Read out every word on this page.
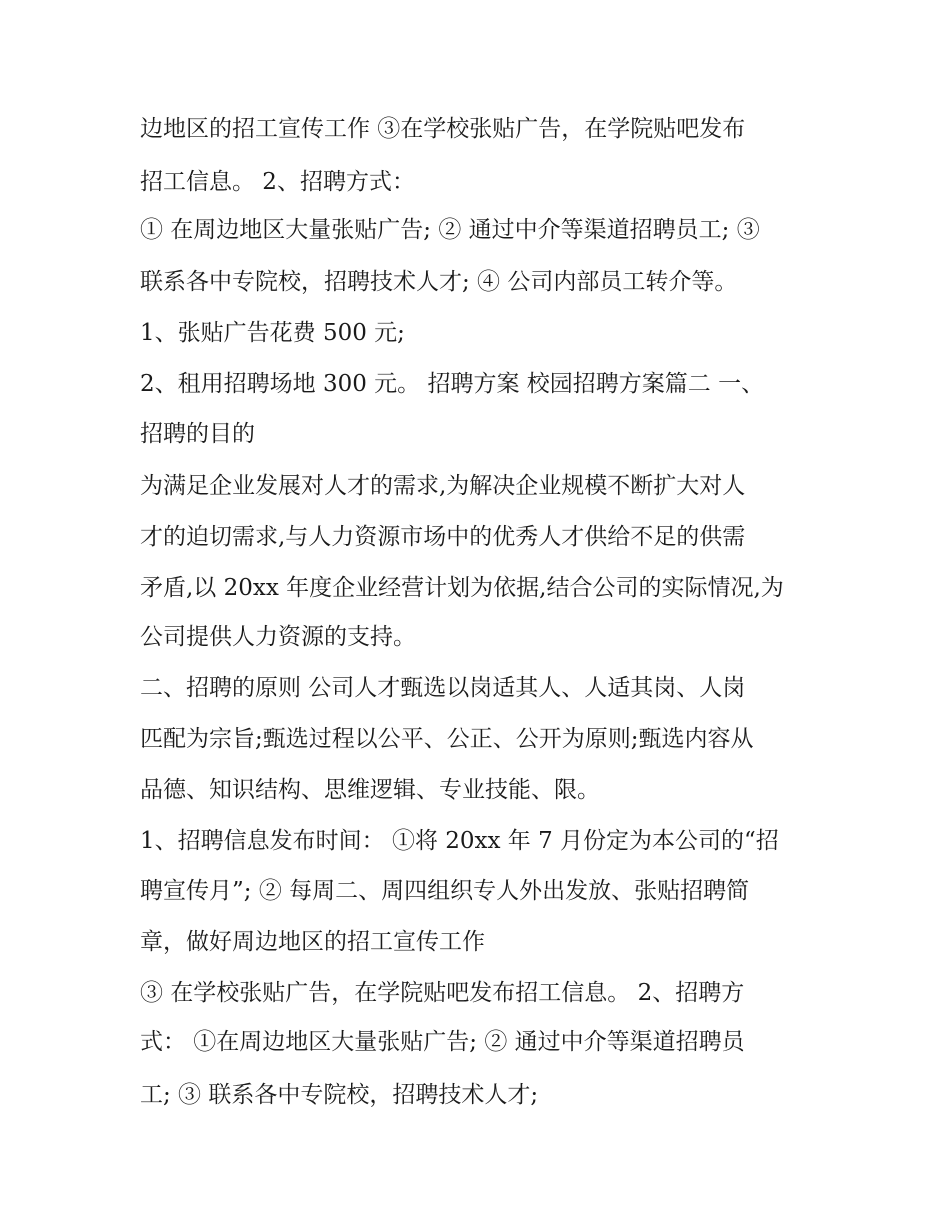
边地区的招工宣传工作 ③在学校张贴广告，在学院贴吧发布
招工信息。 2、招聘方式：
① 在周边地区大量张贴广告; ② 通过中介等渠道招聘员工; ③
联系各中专院校，招聘技术人才; ④ 公司内部员工转介等。
1、张贴广告花费 500 元;
2、租用招聘场地 300 元。 招聘方案 校园招聘方案篇二 一、
招聘的目的
为满足企业发展对人才的需求,为解决企业规模不断扩大对人
才的迫切需求,与人力资源市场中的优秀人才供给不足的供需
矛盾,以 20xx 年度企业经营计划为依据,结合公司的实际情况,为
公司提供人力资源的支持。
二、招聘的原则 公司人才甄选以岗适其人、人适其岗、人岗
匹配为宗旨;甄选过程以公平、公正、公开为原则;甄选内容从
品德、知识结构、思维逻辑、专业技能、限。
1、招聘信息发布时间： ①将 20xx 年 7 月份定为本公司的“招
聘宣传月”; ② 每周二、周四组织专人外出发放、张贴招聘简
章，做好周边地区的招工宣传工作
③ 在学校张贴广告，在学院贴吧发布招工信息。 2、招聘方
式： ①在周边地区大量张贴广告; ② 通过中介等渠道招聘员
工; ③ 联系各中专院校，招聘技术人才;
